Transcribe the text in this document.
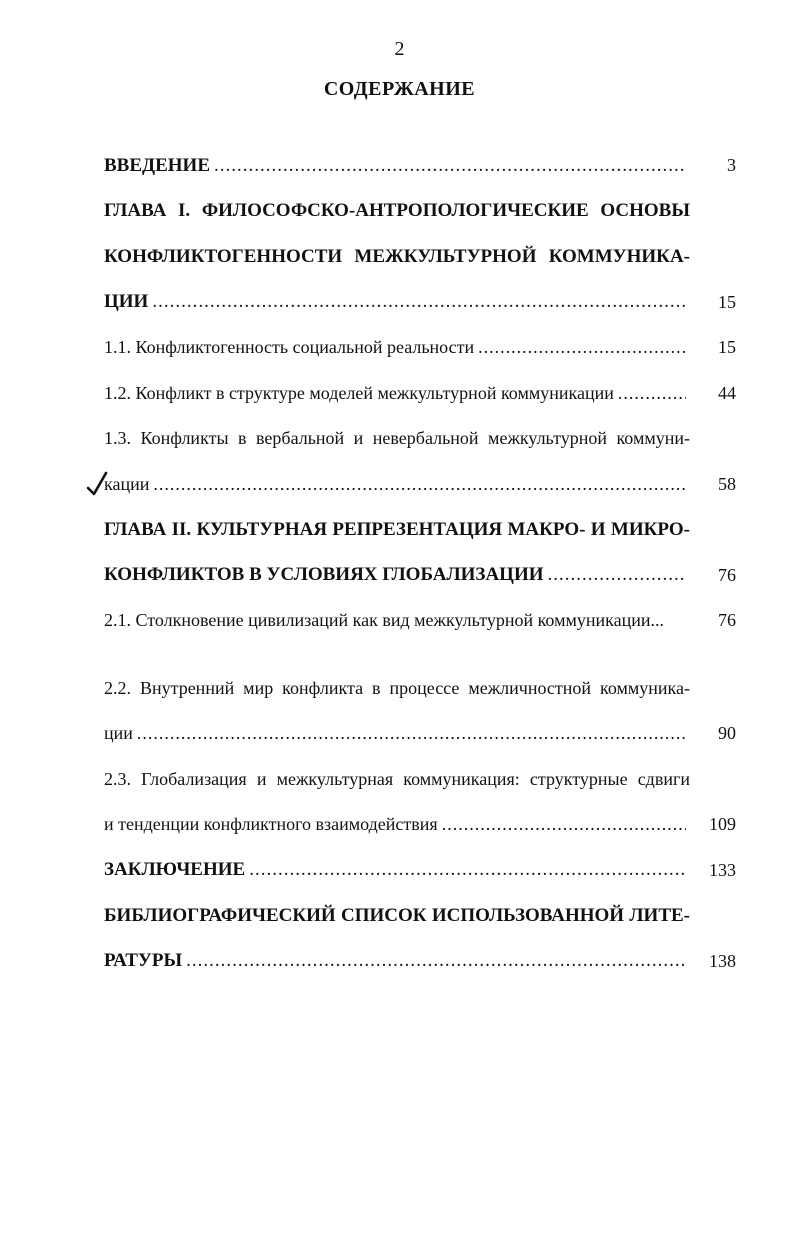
2
СОДЕРЖАНИЕ
ВВЕДЕНИЕ .....	3
ГЛАВА I. ФИЛОСОФСКО-АНТРОПОЛОГИЧЕСКИЕ ОСНОВЫ
КОНФЛИКТОГЕННОСТИ МЕЖКУЛЬТУРНОЙ КОММУНИКА-
ЦИИ .....	15
1.1. Конфликтогенность социальной реальности .....	15
1.2. Конфликт в структуре моделей межкультурной коммуникации .....	44
1.3. Конфликты в вербальной и невербальной межкультурной коммуни-
кации .....	58
ГЛАВА II. КУЛЬТУРНАЯ РЕПРЕЗЕНТАЦИЯ МАКРО- И МИКРО-
КОНФЛИКТОВ В УСЛОВИЯХ ГЛОБАЛИЗАЦИИ .....	76
2.1. Столкновение цивилизаций как вид межкультурной коммуникации...	76
2.2. Внутренний мир конфликта в процессе межличностной коммуника-
ции .....	90
2.3. Глобализация и межкультурная коммуникация: структурные сдвиги
и тенденции конфликтного взаимодействия .....	109
ЗАКЛЮЧЕНИЕ .....	133
БИБЛИОГРАФИЧЕСКИЙ СПИСОК ИСПОЛЬЗОВАННОЙ ЛИТЕ-
РАТУРЫ .....	138
